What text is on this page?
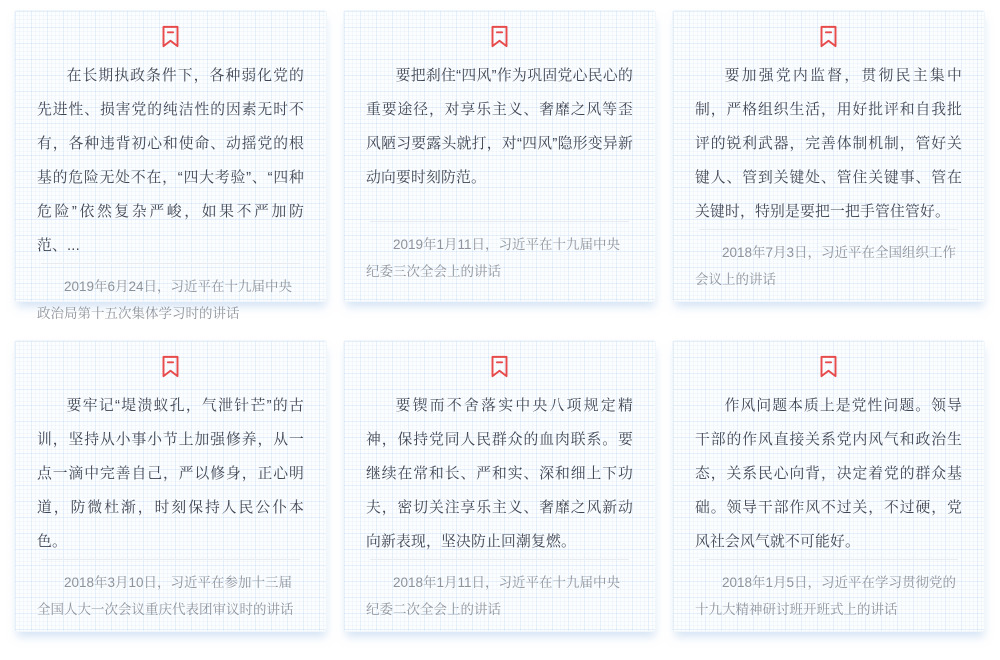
在长期执政条件下，各种弱化党的先进性、损害党的纯洁性的因素无时不有，各种违背初心和使命、动摇党的根基的危险无处不在，“四大考验”、“四种危险”依然复杂严峻，如果不严加防范、...

2019年6月24日，习近平在十九届中央政治局第十五次集体学习时的讲话

要把刹住“四风”作为巩固党心民心的重要途径，对享乐主义、奢靡之风等歪风陋习要露头就打，对“四风”隐形变异新动向要时刻防范。

2019年1月11日，习近平在十九届中央纪委三次全会上的讲话

要加强党内监督，贯彻民主集中制，严格组织生活，用好批评和自我批评的锐利武器，完善体制机制，管好关键人、管到关键处、管住关键事、管在关键时，特别是要把一把手管住管好。

2018年7月3日，习近平在全国组织工作会议上的讲话

要牢记“堤溃蚁孔，气泄针芒”的古训，坚持从小事小节上加强修养，从一点一滴中完善自己，严以修身，正心明道，防微杜渐，时刻保持人民公仆本色。

2018年3月10日，习近平在参加十三届全国人大一次会议重庆代表团审议时的讲话

要锲而不舍落实中央八项规定精神，保持党同人民群众的血肉联系。要继续在常和长、严和实、深和细上下功夫，密切关注享乐主义、奢靡之风新动向新表现，坚决防止回潮复燃。

2018年1月11日，习近平在十九届中央纪委二次全会上的讲话

作风问题本质上是党性问题。领导干部的作风直接关系党内风气和政治生态，关系民心向背，决定着党的群众基础。领导干部作风不过关，不过硬，党风社会风气就不可能好。

2018年1月5日，习近平在学习贯彻党的十九大精神研讨班开班式上的讲话
